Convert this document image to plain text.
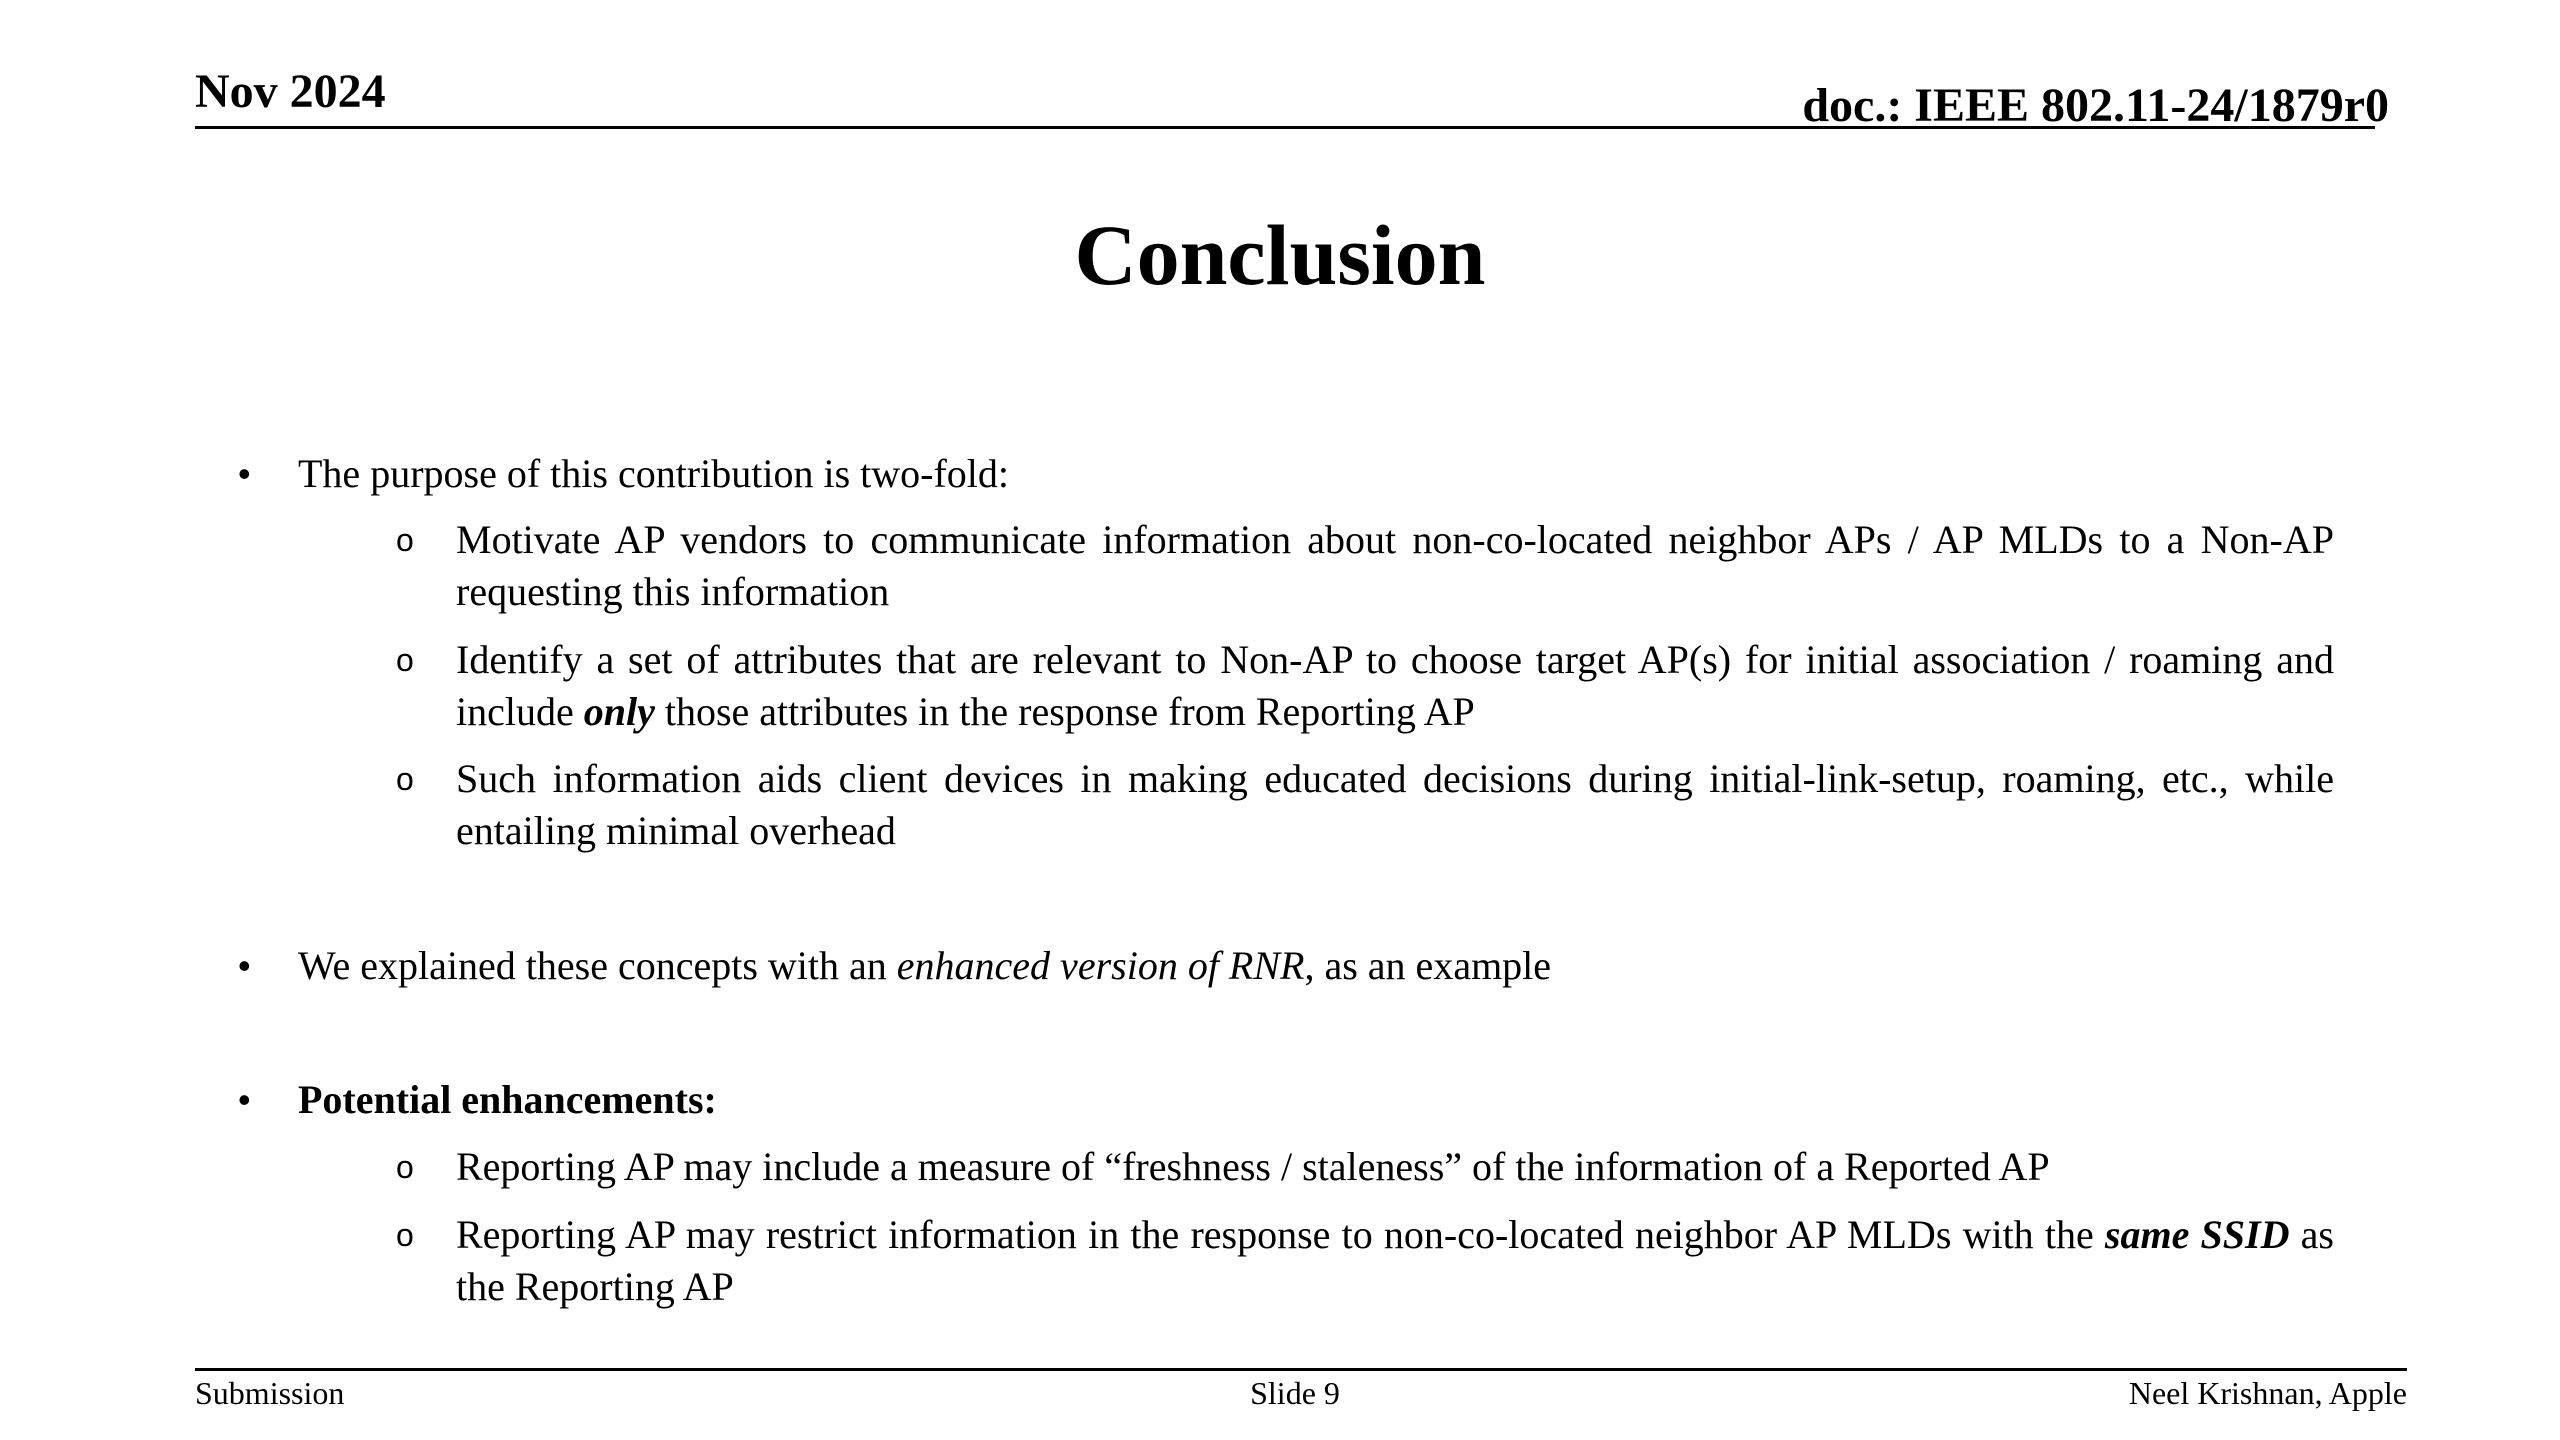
Nov 2024	doc.: IEEE 802.11-24/1879r0
Conclusion
• The purpose of this contribution is two-fold:
o Motivate AP vendors to communicate information about non-co-located neighbor APs / AP MLDs to a Non-AP requesting this information
o Identify a set of attributes that are relevant to Non-AP to choose target AP(s) for initial association / roaming and include only those attributes in the response from Reporting AP
o Such information aids client devices in making educated decisions during initial-link-setup, roaming, etc., while entailing minimal overhead
• We explained these concepts with an enhanced version of RNR, as an example
• Potential enhancements:
o Reporting AP may include a measure of “freshness / staleness” of the information of a Reported AP
o Reporting AP may restrict information in the response to non-co-located neighbor AP MLDs with the same SSID as the Reporting AP
Submission	Slide 9	Neel Krishnan, Apple
